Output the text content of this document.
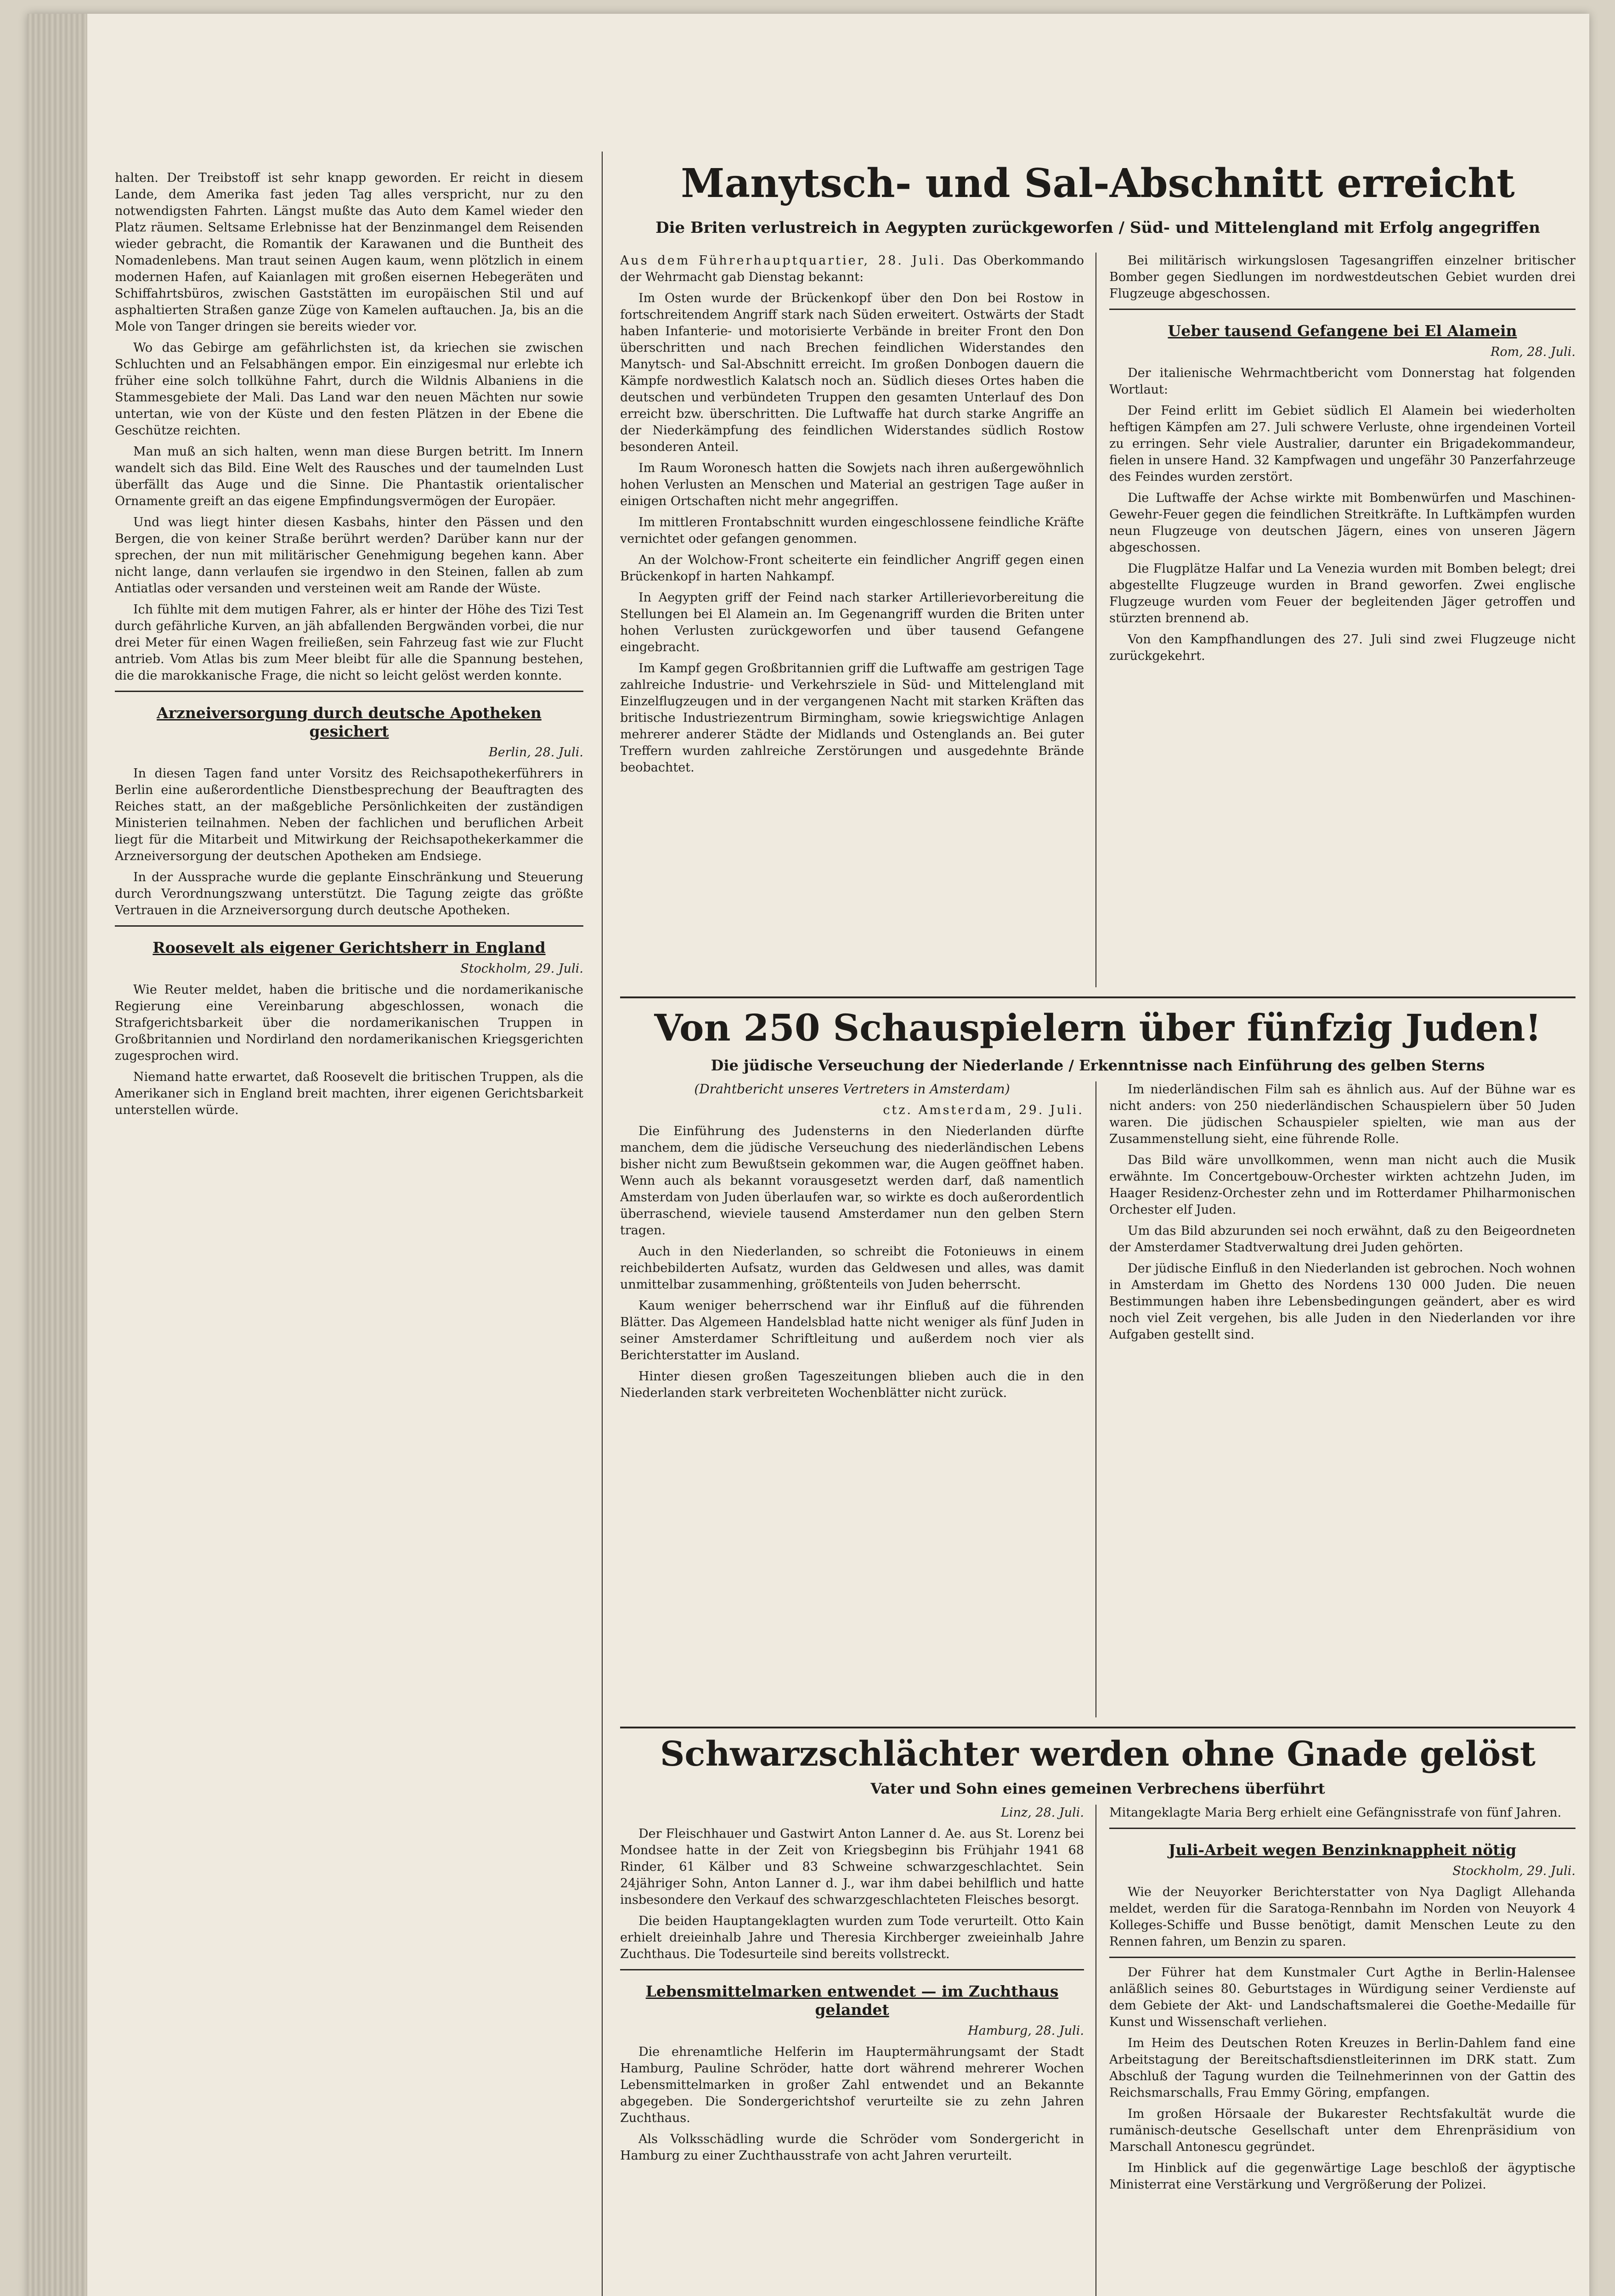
halten. Der Treibstoff ist sehr knapp geworden. Er reicht in diesem Lande, dem Amerika fast jeden Tag alles verspricht, nur zu den notwendigsten Fahrten. Längst mußte das Auto dem Kamel wieder den Platz räumen. Seltsame Erlebnisse hat der Benzinmangel dem Reisenden wieder gebracht, die Romantik der Karawanen und die Buntheit des Nomadenlebens. Man traut seinen Augen kaum, wenn plötzlich in einem modernen Hafen, auf Kaianlagen mit großen eisernen Hebegeräten und Schiffahrtsbüros, zwischen Gaststätten im europäischen Stil und auf asphaltierten Straßen ganze Züge von Kamelen auftauchen. Ja, bis an die Mole von Tanger dringen sie bereits wieder vor.

Wo das Gebirge am gefährlichsten ist, da kriechen sie zwischen Schluchten und an Felsabhängen empor. Ein einzigesmal nur erlebte ich früher eine solch tollkühne Fahrt, durch die Wildnis Albaniens in die Stammesgebiete der Mali. Das Land war den neuen Mächten nur sowie untertan, wie von der Küste und den festen Plätzen in der Ebene die Geschütze reichten.

Man muß an sich halten, wenn man diese Burgen betritt. Im Innern wandelt sich das Bild. Eine Welt des Rausches und der taumelnden Lust überfällt das Auge und die Sinne. Die Phantastik orientalischer Ornamente greift an das eigene Empfindungsvermögen der Europäer.

Und was liegt hinter diesen Kasbahs, hinter den Pässen und den Bergen, die von keiner Straße berührt werden? Darüber kann nur der sprechen, der nun mit militärischer Genehmigung begehen kann. Aber nicht lange, dann verlaufen sie irgendwo in den Steinen, fallen ab zum Antiatlas oder versanden und versteinen weit am Rande der Wüste.

Ich fühlte mit dem mutigen Fahrer, als er hinter der Höhe des Tizi Test durch gefährliche Kurven, an jäh abfallenden Bergwänden vorbei, die nur drei Meter für einen Wagen freiließen, sein Fahrzeug fast wie zur Flucht antrieb. Vom Atlas bis zum Meer bleibt für alle die Spannung bestehen, die die marokkanische Frage, die nicht so leicht gelöst werden konnte.

Arzneiversorgung durch deutsche Apotheken gesichert

Berlin, 28. Juli.

In diesen Tagen fand unter Vorsitz des Reichsapothekerführers in Berlin eine außerordentliche Dienstbesprechung der Beauftragten des Reiches statt, an der maßgebliche Persönlichkeiten der zuständigen Ministerien teilnahmen. Neben der fachlichen und beruflichen Arbeit liegt für die Mitarbeit und Mitwirkung der Reichsapothekerkammer die Arzneiversorgung der deutschen Apotheken am Endsiege.

In der Aussprache wurde die geplante Einschränkung und Steuerung durch Verordnungszwang unterstützt. Die Tagung zeigte das größte Vertrauen in die Arzneiversorgung durch deutsche Apotheken.

Roosevelt als eigener Gerichtsherr in England

Stockholm, 29. Juli.

Wie Reuter meldet, haben die britische und die nordamerikanische Regierung eine Vereinbarung abgeschlossen, wonach die Strafgerichtsbarkeit über die nordamerikanischen Truppen in Großbritannien und Nordirland den nordamerikanischen Kriegsgerichten zugesprochen wird.

Niemand hatte erwartet, daß Roosevelt die britischen Truppen, als die Amerikaner sich in England breit machten, ihrer eigenen Gerichtsbarkeit unterstellen würde.

Manytsch- und Sal-Abschnitt erreicht
Die Briten verlustreich in Aegypten zurückgeworfen / Süd- und Mittelengland mit Erfolg angegriffen

Aus dem Führerhauptquartier, 28. Juli. Das Oberkommando der Wehrmacht gab Dienstag bekannt:

Im Osten wurde der Brückenkopf über den Don bei Rostow in fortschreitendem Angriff stark nach Süden erweitert. Ostwärts der Stadt haben Infanterie- und motorisierte Verbände in breiter Front den Don überschritten und nach Brechen feindlichen Widerstandes den Manytsch- und Sal-Abschnitt erreicht. Im großen Donbogen dauern die Kämpfe nordwestlich Kalatsch noch an. Südlich dieses Ortes haben die deutschen und verbündeten Truppen den gesamten Unterlauf des Don erreicht bzw. überschritten. Die Luftwaffe hat durch starke Angriffe an der Niederkämpfung des feindlichen Widerstandes südlich Rostow besonderen Anteil.

Im Raum Woronesch hatten die Sowjets nach ihren außergewöhnlich hohen Verlusten an Menschen und Material an gestrigen Tage außer in einigen Ortschaften nicht mehr angegriffen.

Im mittleren Frontabschnitt wurden eingeschlossene feindliche Kräfte vernichtet oder gefangen genommen.

An der Wolchow-Front scheiterte ein feindlicher Angriff gegen einen Brückenkopf in harten Nahkampf.

In Aegypten griff der Feind nach starker Artillerievorbereitung die Stellungen bei El Alamein an. Im Gegenangriff wurden die Briten unter hohen Verlusten zurückgeworfen und über tausend Gefangene eingebracht.

Im Kampf gegen Großbritannien griff die Luftwaffe am gestrigen Tage zahlreiche Industrie- und Verkehrsziele in Süd- und Mittelengland mit Einzelflugzeugen und in der vergangenen Nacht mit starken Kräften das britische Industriezentrum Birmingham, sowie kriegswichtige Anlagen mehrerer anderer Städte der Midlands und Ostenglands an. Bei guter Treffern wurden zahlreiche Zerstörungen und ausgedehnte Brände beobachtet.

Bei militärisch wirkungslosen Tagesangriffen einzelner britischer Bomber gegen Siedlungen im nordwestdeutschen Gebiet wurden drei Flugzeuge abgeschossen.

Ueber tausend Gefangene bei El Alamein

Rom, 28. Juli.

Der italienische Wehrmachtbericht vom Donnerstag hat folgenden Wortlaut:

Der Feind erlitt im Gebiet südlich El Alamein bei wiederholten heftigen Kämpfen am 27. Juli schwere Verluste, ohne irgendeinen Vorteil zu erringen. Sehr viele Australier, darunter ein Brigadekommandeur, fielen in unsere Hand. 32 Kampfwagen und ungefähr 30 Panzerfahrzeuge des Feindes wurden zerstört.

Die Luftwaffe der Achse wirkte mit Bombenwürfen und Maschinen-Gewehr-Feuer gegen die feindlichen Streitkräfte. In Luftkämpfen wurden neun Flugzeuge von deutschen Jägern, eines von unseren Jägern abgeschossen.

Die Flugplätze Halfar und La Venezia wurden mit Bomben belegt; drei abgestellte Flugzeuge wurden in Brand geworfen. Zwei englische Flugzeuge wurden vom Feuer der begleitenden Jäger getroffen und stürzten brennend ab.

Von den Kampfhandlungen des 27. Juli sind zwei Flugzeuge nicht zurückgekehrt.

Von 250 Schauspielern über fünfzig Juden!
Die jüdische Verseuchung der Niederlande / Erkenntnisse nach Einführung des gelben Sterns
(Drahtbericht unseres Vertreters in Amsterdam)

ctz. Amsterdam, 29. Juli.

Die Einführung des Judensterns in den Niederlanden dürfte manchem, dem die jüdische Verseuchung des niederländischen Lebens bisher nicht zum Bewußtsein gekommen war, die Augen geöffnet haben. Wenn auch als bekannt vorausgesetzt werden darf, daß namentlich Amsterdam von Juden überlaufen war, so wirkte es doch außerordentlich überraschend, wieviele tausend Amsterdamer nun den gelben Stern tragen.

Auch in den Niederlanden, so schreibt die Fotonieuws in einem reichbebilderten Aufsatz, wurden das Geldwesen und alles, was damit unmittelbar zusammenhing, größtenteils von Juden beherrscht.

Kaum weniger beherrschend war ihr Einfluß auf die führenden Blätter. Das Algemeen Handelsblad hatte nicht weniger als fünf Juden in seiner Amsterdamer Schriftleitung und außerdem noch vier als Berichterstatter im Ausland.

Hinter diesen großen Tageszeitungen blieben auch die in den Niederlanden stark verbreiteten Wochenblätter nicht zurück.

Im niederländischen Film sah es ähnlich aus. Auf der Bühne war es nicht anders: von 250 niederländischen Schauspielern über 50 Juden waren. Die jüdischen Schauspieler spielten, wie man aus der Zusammenstellung sieht, eine führende Rolle.

Das Bild wäre unvollkommen, wenn man nicht auch die Musik erwähnte. Im Concertgebouw-Orchester wirkten achtzehn Juden, im Haager Residenz-Orchester zehn und im Rotterdamer Philharmonischen Orchester elf Juden.

Um das Bild abzurunden sei noch erwähnt, daß zu den Beigeordneten der Amsterdamer Stadtverwaltung drei Juden gehörten.

Der jüdische Einfluß in den Niederlanden ist gebrochen. Noch wohnen in Amsterdam im Ghetto des Nordens 130 000 Juden. Die neuen Bestimmungen haben ihre Lebensbedingungen geändert, aber es wird noch viel Zeit vergehen, bis alle Juden in den Niederlanden vor ihre Aufgaben gestellt sind.

Schwarzschlächter werden ohne Gnade gelöst
Vater und Sohn eines gemeinen Verbrechens überführt

Linz, 28. Juli.

Der Fleischhauer und Gastwirt Anton Lanner d. Ae. aus St. Lorenz bei Mondsee hatte in der Zeit von Kriegsbeginn bis Frühjahr 1941 68 Rinder, 61 Kälber und 83 Schweine schwarzgeschlachtet. Sein 24jähriger Sohn, Anton Lanner d. J., war ihm dabei behilflich und hatte insbesondere den Verkauf des schwarzgeschlachteten Fleisches besorgt.

Die beiden Hauptangeklagten wurden zum Tode verurteilt. Otto Kain erhielt dreieinhalb Jahre und Theresia Kirchberger zweieinhalb Jahre Zuchthaus. Die Todesurteile sind bereits vollstreckt.

Lebensmittelmarken entwendet — im Zuchthaus gelandet

Hamburg, 28. Juli.

Die ehrenamtliche Helferin im Hauptermährungsamt der Stadt Hamburg, Pauline Schröder, hatte dort während mehrerer Wochen Lebensmittelmarken in großer Zahl entwendet und an Bekannte abgegeben. Die Sondergerichtshof verurteilte sie zu zehn Jahren Zuchthaus.

Als Volksschädling wurde die Schröder vom Sondergericht in Hamburg zu einer Zuchthausstrafe von acht Jahren verurteilt.

Mitangeklagte Maria Berg erhielt eine Gefängnisstrafe von fünf Jahren.

Juli-Arbeit wegen Benzinknappheit nötig

Stockholm, 29. Juli.

Wie der Neuyorker Berichterstatter von Nya Dagligt Allehanda meldet, werden für die Saratoga-Rennbahn im Norden von Neuyork 4 Kolleges-Schiffe und Busse benötigt, damit Menschen Leute zu den Rennen fahren, um Benzin zu sparen.

Der Führer hat dem Kunstmaler Curt Agthe in Berlin-Halensee anläßlich seines 80. Geburtstages in Würdigung seiner Verdienste auf dem Gebiete der Akt- und Landschaftsmalerei die Goethe-Medaille für Kunst und Wissenschaft verliehen.

Im Heim des Deutschen Roten Kreuzes in Berlin-Dahlem fand eine Arbeitstagung der Bereitschaftsdienstleiterinnen im DRK statt. Zum Abschluß der Tagung wurden die Teilnehmerinnen von der Gattin des Reichsmarschalls, Frau Emmy Göring, empfangen.

Im großen Hörsaale der Bukarester Rechtsfakultät wurde die rumänisch-deutsche Gesellschaft unter dem Ehrenpräsidium von Marschall Antonescu gegründet.

Im Hinblick auf die gegenwärtige Lage beschloß der ägyptische Ministerrat eine Verstärkung und Vergrößerung der Polizei.
